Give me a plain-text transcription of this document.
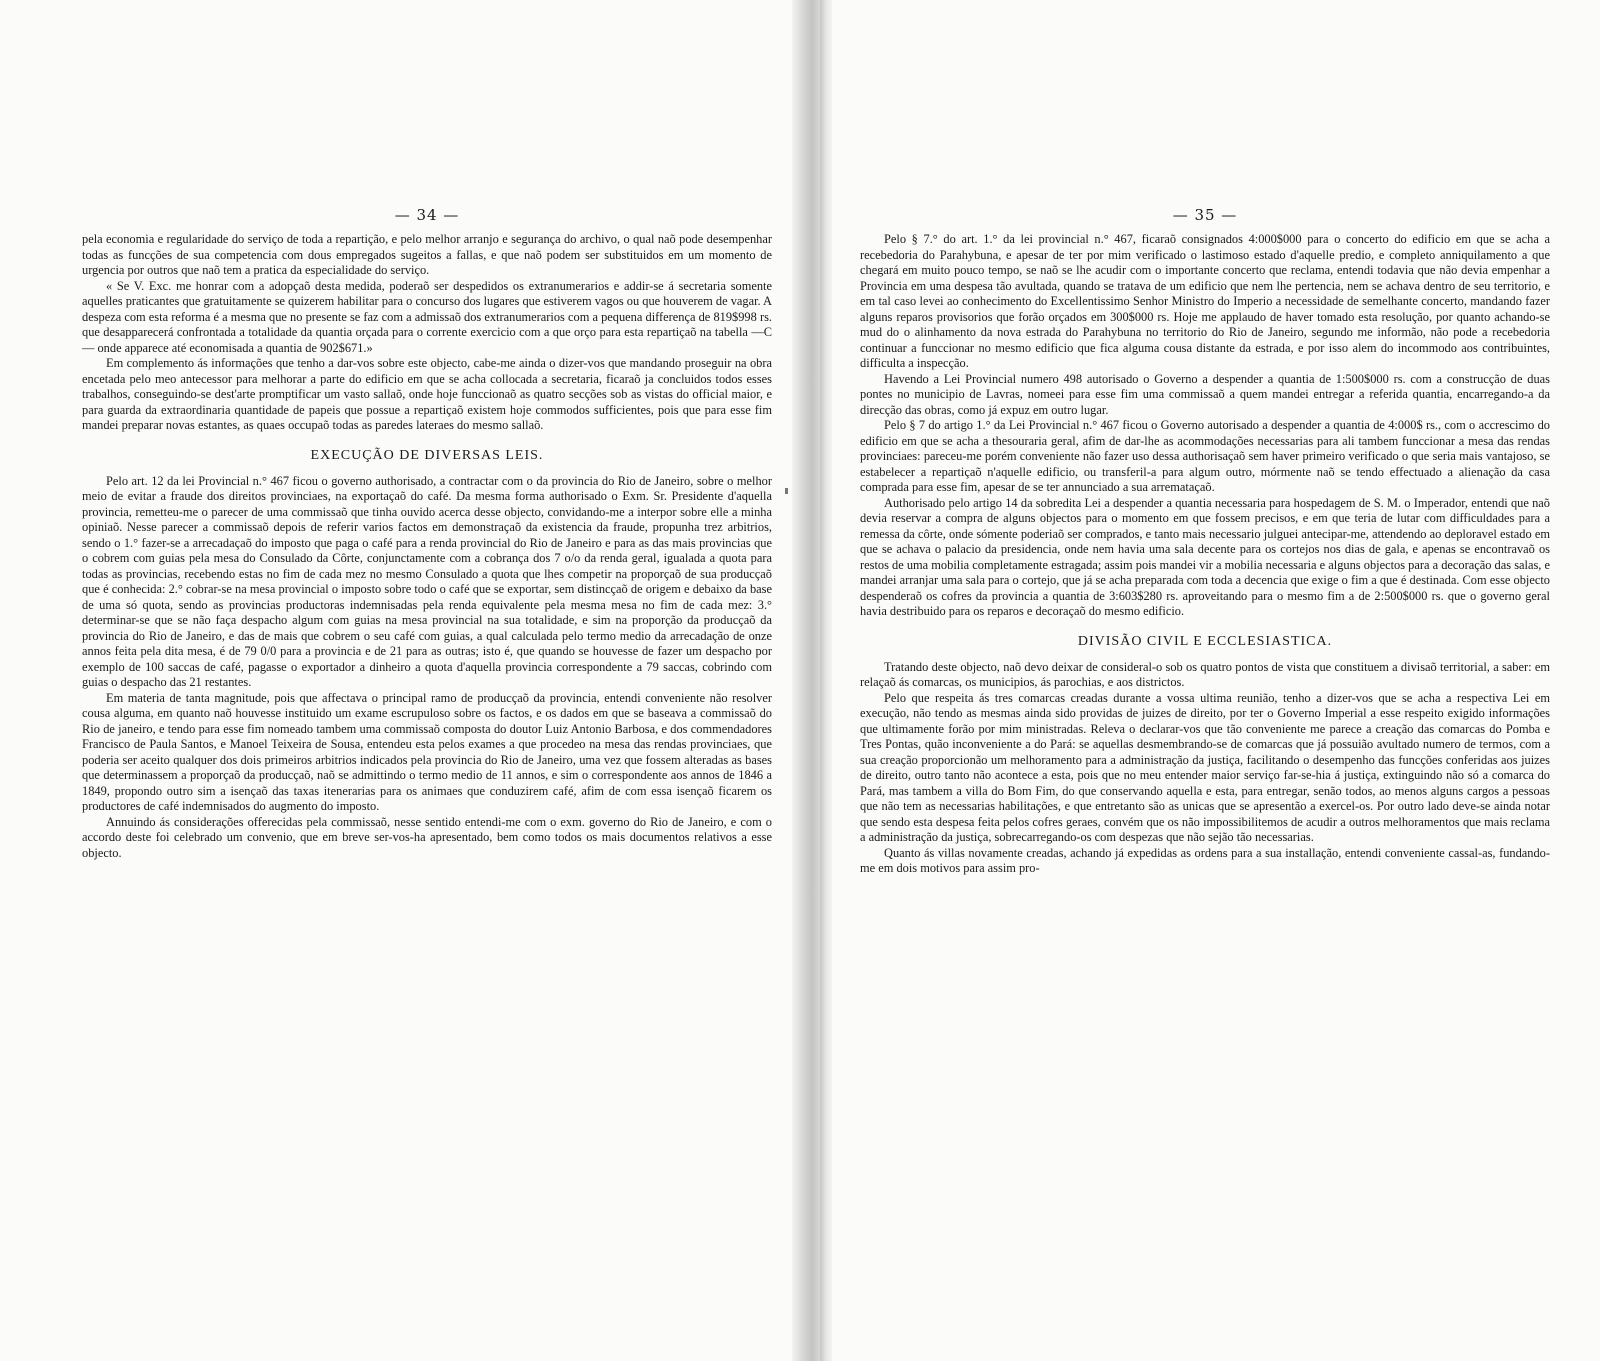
— 34 —

pela economia e regularidade do serviço de toda a repartição, e pelo melhor arranjo e segurança do archivo, o qual naõ pode desempenhar todas as funcções de sua competencia com dous empregados sugeitos a fallas, e que naõ podem ser substituidos em um momento de urgencia por outros que naõ tem a pratica da especialidade do serviço.

« Se V. Exc. me honrar com a adopçaõ desta medida, poderaõ ser despedidos os extranumerarios e addir-se á secretaria somente aquelles praticantes que gratuitamente se quizerem habilitar para o concurso dos lugares que estiverem vagos ou que houverem de vagar. A despeza com esta reforma é a mesma que no presente se faz com a admissaõ dos extranumerarios com a pequena differença de 819$998 rs. que desapparecerá confrontada a totalidade da quantia orçada para o corrente exercicio com a que orço para esta repartiçaõ na tabella —C— onde apparece até economisada a quantia de 902$671.»

Em complemento ás informações que tenho a dar-vos sobre este objecto, cabe-me ainda o dizer-vos que mandando proseguir na obra encetada pelo meo antecessor para melhorar a parte do edificio em que se acha collocada a secretaria, ficaraõ ja concluidos todos esses trabalhos, conseguindo-se dest'arte promptificar um vasto sallaõ, onde hoje funccionaõ as quatro secções sob as vistas do official maior, e para guarda da extraordinaria quantidade de papeis que possue a repartiçaõ existem hoje commodos sufficientes, pois que para esse fim mandei preparar novas estantes, as quaes occupaõ todas as paredes lateraes do mesmo sallaõ.

EXECUÇÃO DE DIVERSAS LEIS.

Pelo art. 12 da lei Provincial n.° 467 ficou o governo authorisado, a contractar com o da provincia do Rio de Janeiro, sobre o melhor meio de evitar a fraude dos direitos provinciaes, na exportaçaõ do café. Da mesma forma authorisado o Exm. Sr. Presidente d'aquella provincia, remetteu-me o parecer de uma commissaõ que tinha ouvido acerca desse objecto, convidando-me a interpor sobre elle a minha opiniaõ. Nesse parecer a commissaõ depois de referir varios factos em demonstraçaõ da existencia da fraude, propunha trez arbitrios, sendo o 1.° fazer-se a arrecadaçaõ do imposto que paga o café para a renda provincial do Rio de Janeiro e para as das mais provincias que o cobrem com guias pela mesa do Consulado da Côrte, conjunctamente com a cobrança dos 7 o/o da renda geral, igualada a quota para todas as provincias, recebendo estas no fim de cada mez no mesmo Consulado a quota que lhes competir na proporçaõ de sua producçaõ que é conhecida: 2.° cobrar-se na mesa provincial o imposto sobre todo o café que se exportar, sem distincçaõ de origem e debaixo da base de uma só quota, sendo as provincias productoras indemnisadas pela renda equivalente pela mesma mesa no fim de cada mez: 3.° determinar-se que se não faça despacho algum com guias na mesa provincial na sua totalidade, e sim na proporção da producçaõ da provincia do Rio de Janeiro, e das de mais que cobrem o seu café com guias, a qual calculada pelo termo medio da arrecadação de onze annos feita pela dita mesa, é de 79 0/0 para a provincia e de 21 para as outras; isto é, que quando se houvesse de fazer um despacho por exemplo de 100 saccas de café, pagasse o exportador a dinheiro a quota d'aquella provincia correspondente a 79 saccas, cobrindo com guias o despacho das 21 restantes.

Em materia de tanta magnitude, pois que affectava o principal ramo de producçaõ da provincia, entendi conveniente não resolver cousa alguma, em quanto naõ houvesse instituido um exame escrupuloso sobre os factos, e os dados em que se baseava a commissaõ do Rio de janeiro, e tendo para esse fim nomeado tambem uma commissaõ composta do doutor Luiz Antonio Barbosa, e dos commendadores Francisco de Paula Santos, e Manoel Teixeira de Sousa, entendeu esta pelos exames a que procedeo na mesa das rendas provinciaes, que poderia ser aceito qualquer dos dois primeiros arbitrios indicados pela provincia do Rio de Janeiro, uma vez que fossem alteradas as bases que determinassem a proporçaõ da producçaõ, naõ se admittindo o termo medio de 11 annos, e sim o correspondente aos annos de 1846 a 1849, propondo outro sim a isençaõ das taxas itenerarias para os animaes que conduzirem café, afim de com essa isençaõ ficarem os productores de café indemnisados do augmento do imposto.

Annuindo ás considerações offerecidas pela commissaõ, nesse sentido entendi-me com o exm. governo do Rio de Janeiro, e com o accordo deste foi celebrado um convenio, que em breve ser-vos-ha apresentado, bem como todos os mais documentos relativos a esse objecto.

— 35 —

Pelo § 7.° do art. 1.° da lei provincial n.° 467, ficaraõ consignados 4:000$000 para o concerto do edificio em que se acha a recebedoria do Parahybuna, e apesar de ter por mim verificado o lastimoso estado d'aquelle predio, e completo anniquilamento a que chegará em muito pouco tempo, se naõ se lhe acudir com o importante concerto que reclama, entendi todavia que não devia empenhar a Provincia em uma despesa tão avultada, quando se tratava de um edificio que nem lhe pertencia, nem se achava dentro de seu territorio, e em tal caso levei ao conhecimento do Excellentissimo Senhor Ministro do Imperio a necessidade de semelhante concerto, mandando fazer alguns reparos provisorios que forão orçados em 300$000 rs. Hoje me applaudo de haver tomado esta resolução, por quanto achando-se mud do o alinhamento da nova estrada do Parahybuna no territorio do Rio de Janeiro, segundo me informão, não pode a recebedoria continuar a funccionar no mesmo edificio que fica alguma cousa distante da estrada, e por isso alem do incommodo aos contribuintes, difficulta a inspecção.

Havendo a Lei Provincial numero 498 autorisado o Governo a despender a quantia de 1:500$000 rs. com a construcção de duas pontes no municipio de Lavras, nomeei para esse fim uma commissaõ a quem mandei entregar a referida quantia, encarregando-a da direcção das obras, como já expuz em outro lugar.

Pelo § 7 do artigo 1.° da Lei Provincial n.° 467 ficou o Governo autorisado a despender a quantia de 4:000$ rs., com o accrescimo do edificio em que se acha a thesouraria geral, afim de dar-lhe as acommodações necessarias para ali tambem funccionar a mesa das rendas provinciaes: pareceu-me porém conveniente não fazer uso dessa authorisaçaõ sem haver primeiro verificado o que seria mais vantajoso, se estabelecer a repartiçaõ n'aquelle edificio, ou transferil-a para algum outro, mórmente naõ se tendo effectuado a alienação da casa comprada para esse fim, apesar de se ter annunciado a sua arremataçaõ.

Authorisado pelo artigo 14 da sobredita Lei a despender a quantia necessaria para hospedagem de S. M. o Imperador, entendi que naõ devia reservar a compra de alguns objectos para o momento em que fossem precisos, e em que teria de lutar com difficuldades para a remessa da côrte, onde sómente poderiaõ ser comprados, e tanto mais necessario julguei antecipar-me, attendendo ao deploravel estado em que se achava o palacio da presidencia, onde nem havia uma sala decente para os cortejos nos dias de gala, e apenas se encontravaõ os restos de uma mobilia completamente estragada; assim pois mandei vir a mobilia necessaria e alguns objectos para a decoração das salas, e mandei arranjar uma sala para o cortejo, que já se acha preparada com toda a decencia que exige o fim a que é destinada. Com esse objecto despenderaõ os cofres da provincia a quantia de 3:603$280 rs. aproveitando para o mesmo fim a de 2:500$000 rs. que o governo geral havia destribuido para os reparos e decoraçaõ do mesmo edificio.

DIVISÃO CIVIL E ECCLESIASTICA.

Tratando deste objecto, naõ devo deixar de consideral-o sob os quatro pontos de vista que constituem a divisaõ territorial, a saber: em relaçaõ ás comarcas, os municipios, ás parochias, e aos districtos.

Pelo que respeita ás tres comarcas creadas durante a vossa ultima reunião, tenho a dizer-vos que se acha a respectiva Lei em execução, não tendo as mesmas ainda sido providas de juizes de direito, por ter o Governo Imperial a esse respeito exigido informações que ultimamente forão por mim ministradas. Releva o declarar-vos que tão conveniente me parece a creação das comarcas do Pomba e Tres Pontas, quão inconveniente a do Pará: se aquellas desmembrando-se de comarcas que já possuião avultado numero de termos, com a sua creação proporcionão um melhoramento para a administração da justiça, facilitando o desempenho das funcções conferidas aos juizes de direito, outro tanto não acontece a esta, pois que no meu entender maior serviço far-se-hia á justiça, extinguindo não só a comarca do Pará, mas tambem a villa do Bom Fim, do que conservando aquella e esta, para entregar, senão todos, ao menos alguns cargos a pessoas que não tem as necessarias habilitações, e que entretanto são as unicas que se apresentão a exercel-os. Por outro lado deve-se ainda notar que sendo esta despesa feita pelos cofres geraes, convém que os não impossibilitemos de acudir a outros melhoramentos que mais reclama a administração da justiça, sobrecarregando-os com despezas que não sejão tão necessarias.

Quanto ás villas novamente creadas, achando já expedidas as ordens para a sua installação, entendi conveniente cassal-as, fundando-me em dois motivos para assim pro-
